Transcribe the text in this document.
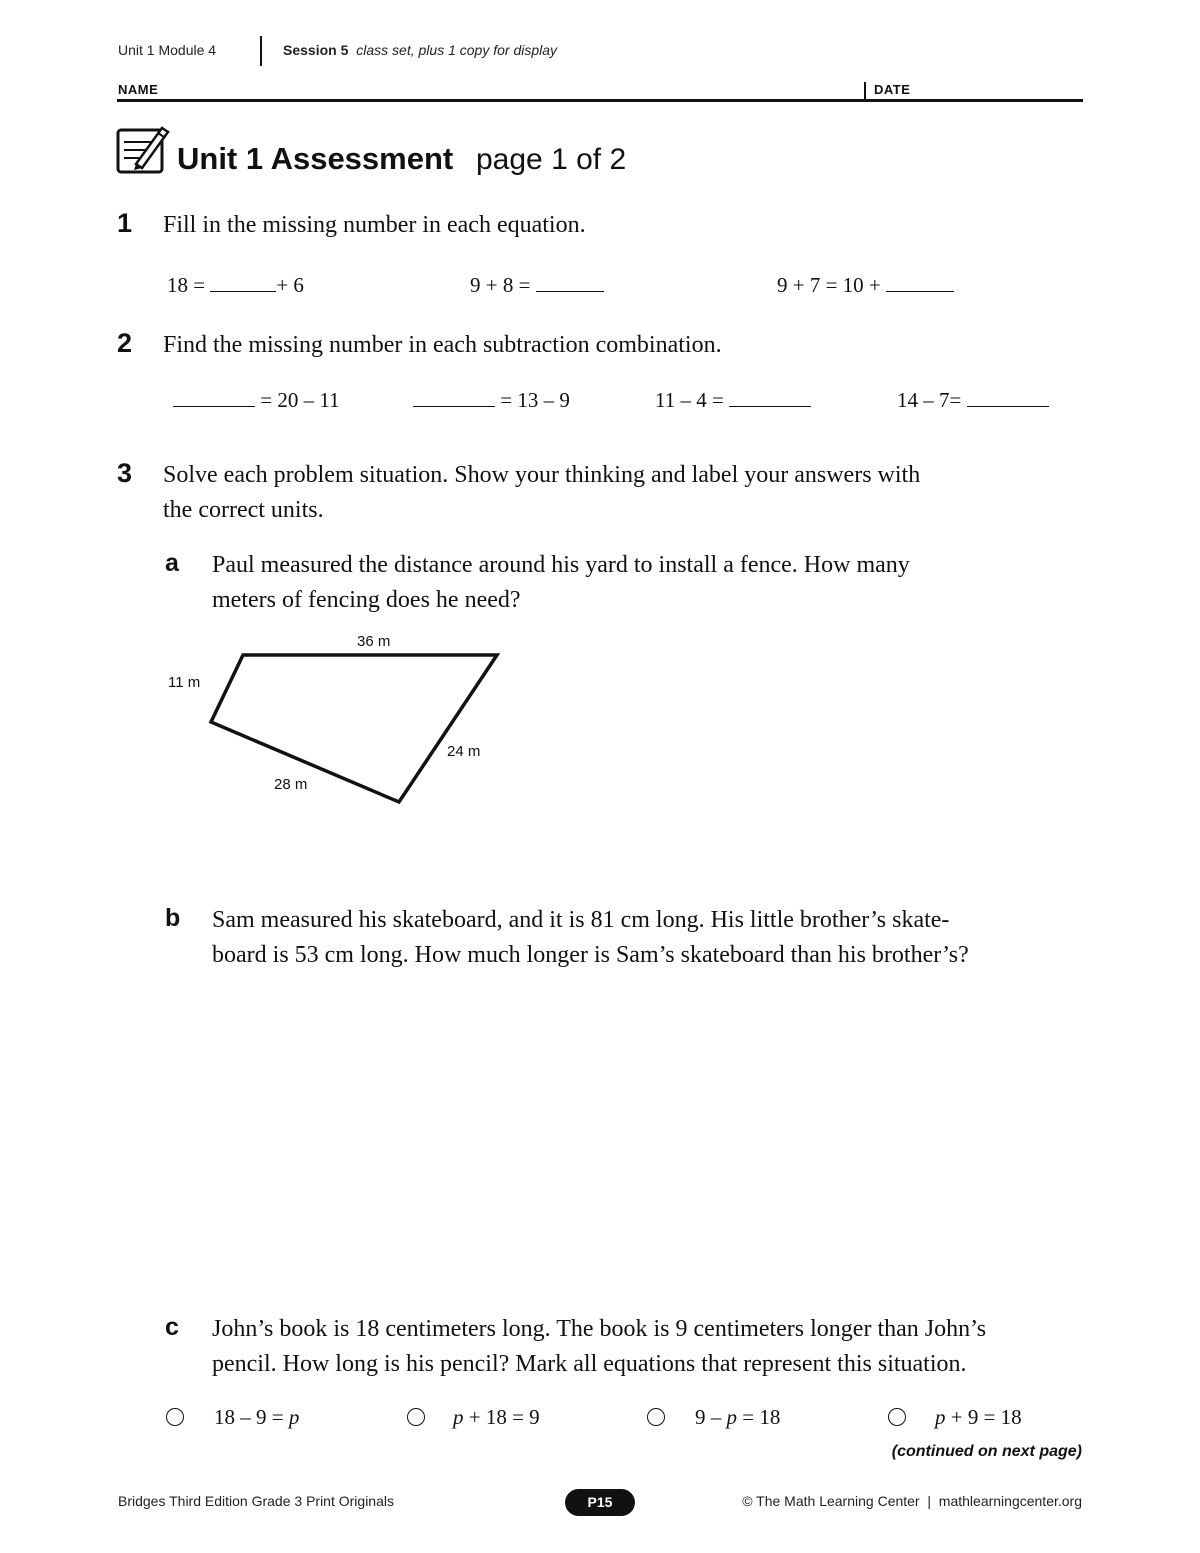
Unit 1 Module 4	Session 5 class set, plus 1 copy for display
NAME	DATE
Unit 1 Assessment page 1 of 2
1 Fill in the missing number in each equation.
18 =	+ 6	9 + 8 =	9 + 7 = 10 +
2 Find the missing number in each subtraction combination.
= 20 – 11	= 13 – 9	11 – 4 =	14 – 7=
3 Solve each problem situation. Show your thinking and label your answers with
the correct units.
a Paul measured the distance around his yard to install a fence. How many
meters of fencing does he need?
36 m
11 m
24 m
28 m
b Sam measured his skateboard, and it is 81 cm long. His little brother’s skate-
board is 53 cm long. How much longer is Sam’s skateboard than his brother’s?
c John’s book is 18 centimeters long. The book is 9 centimeters longer than John’s
pencil. How long is his pencil? Mark all equations that represent this situation.
18 – 9 = p	p + 18 = 9	9 – p = 18	p + 9 = 18
(continued on next page)
Bridges Third Edition Grade 3 Print Originals	P15	© The Math Learning Center  |  mathlearningcenter.org
